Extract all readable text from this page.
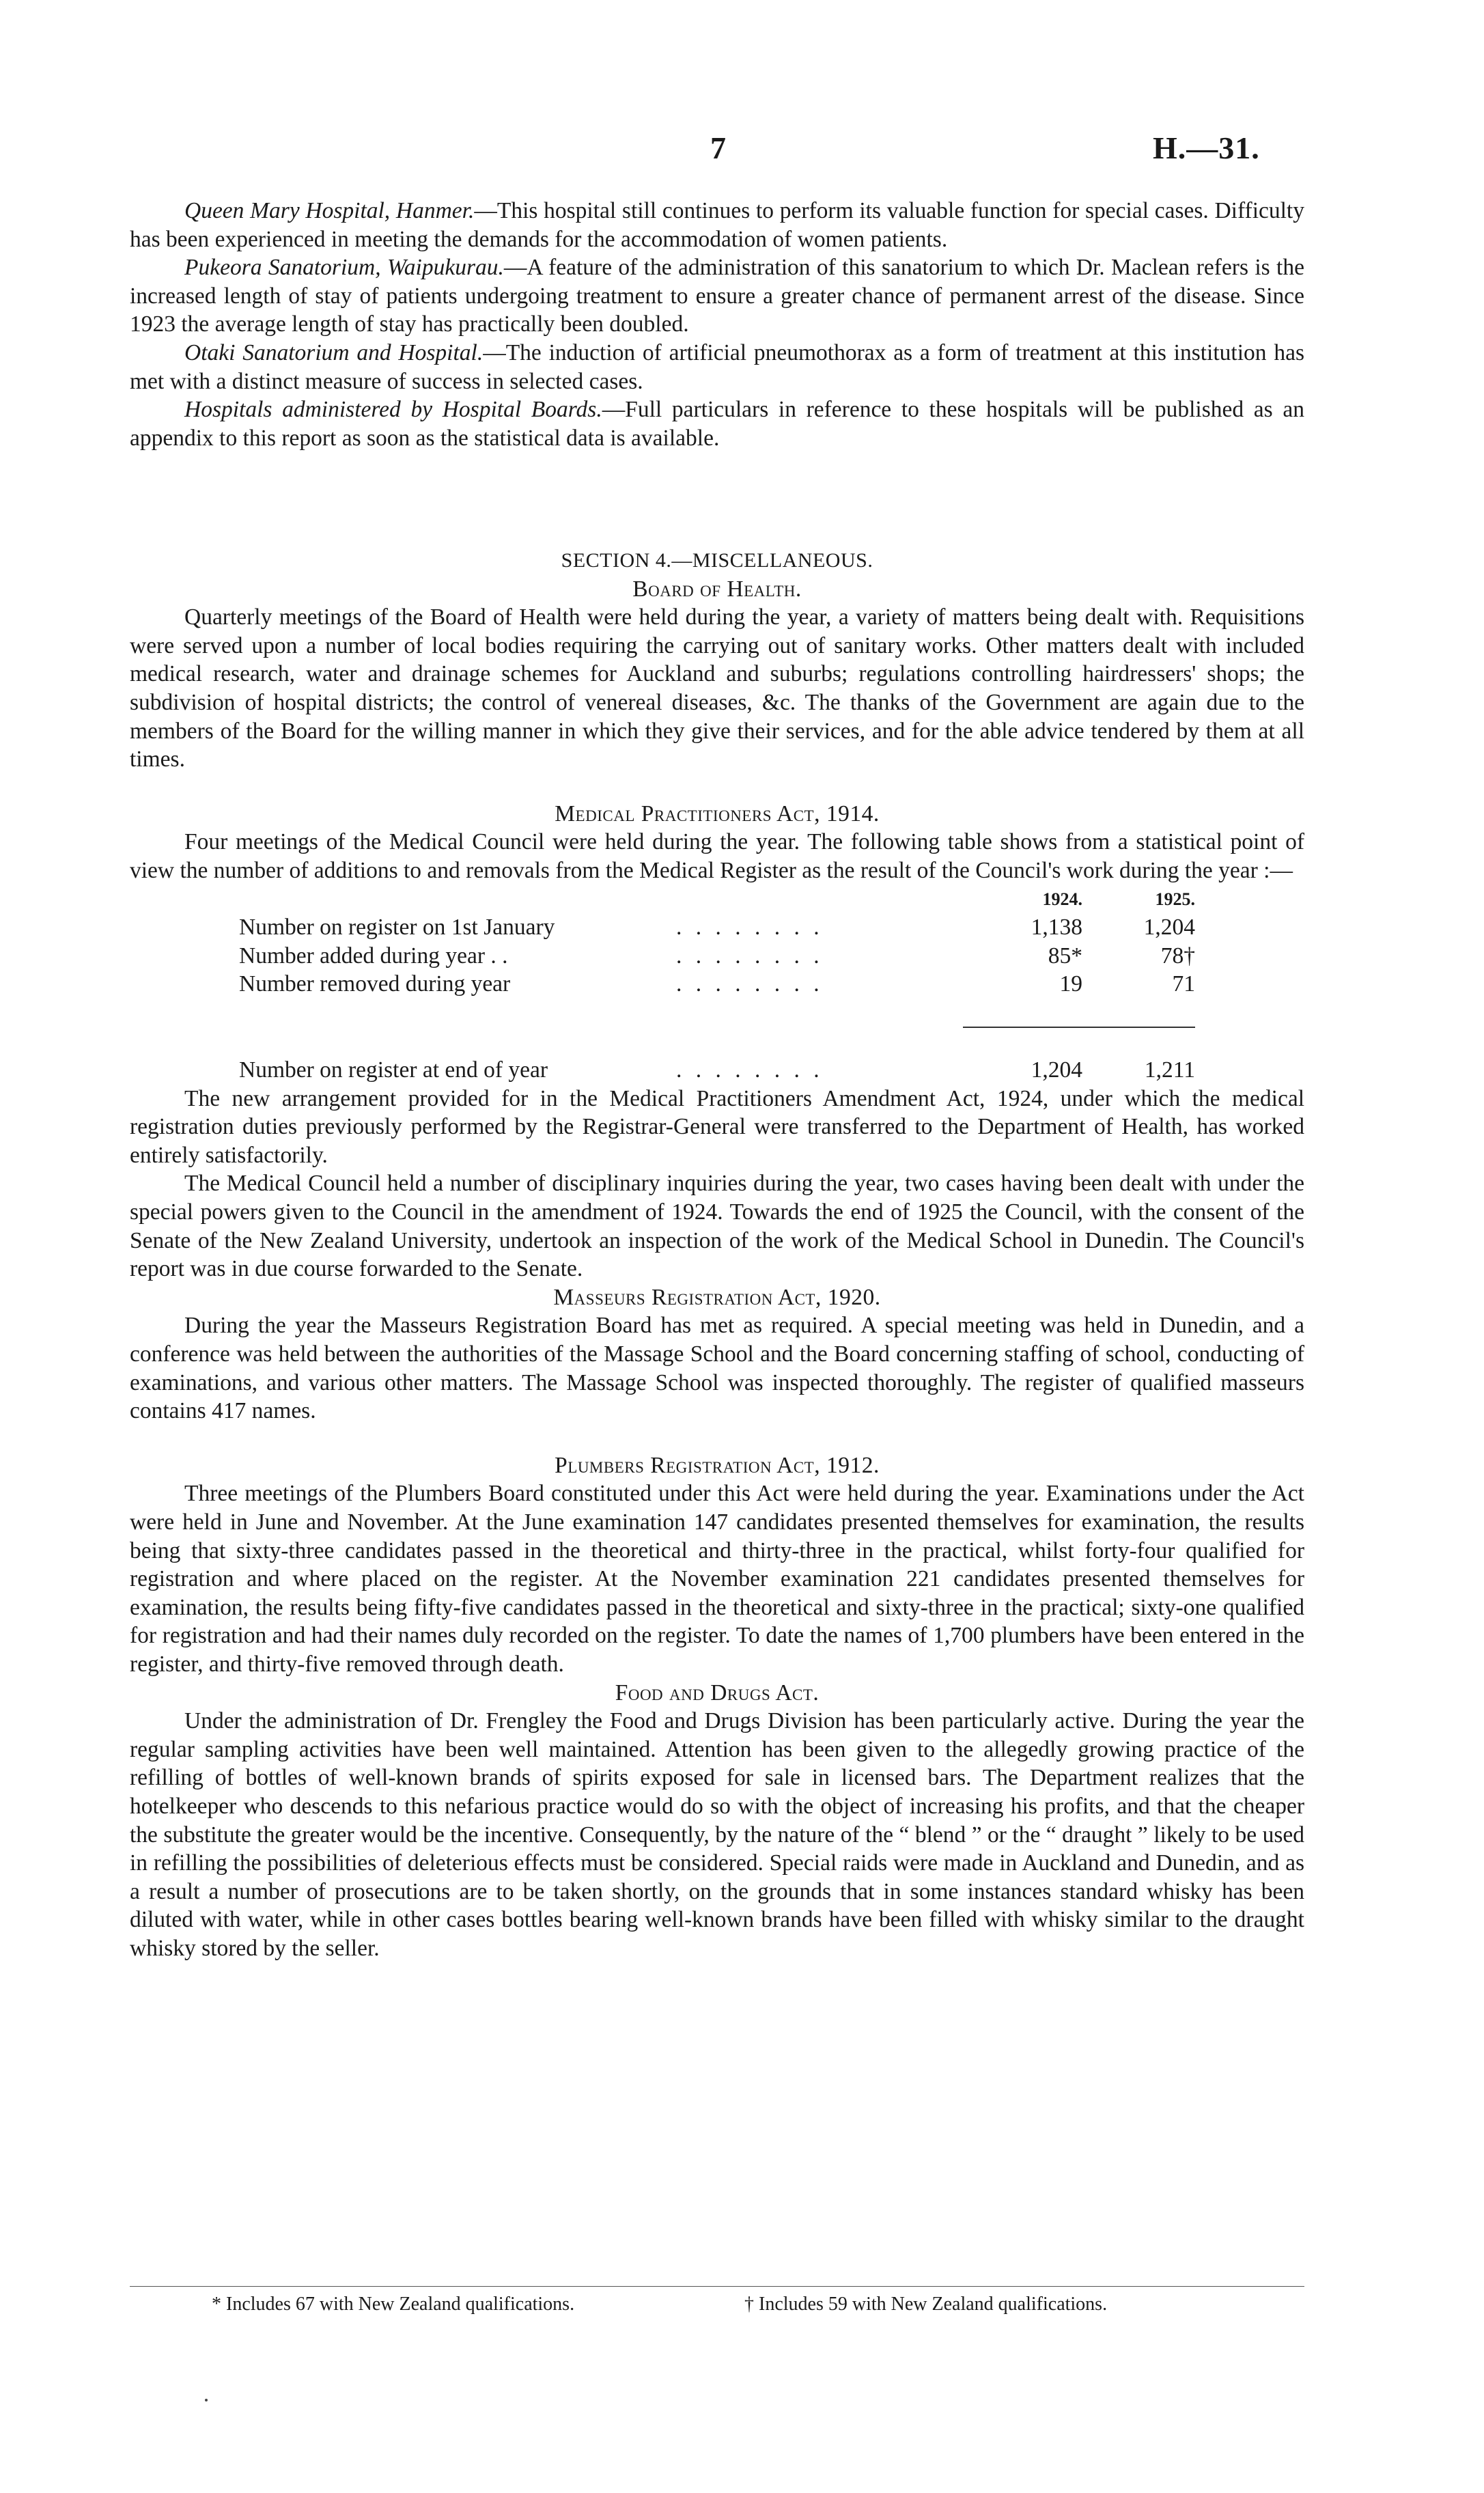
7	H.—31.

Queen Mary Hospital, Hanmer.—This hospital still continues to perform its valuable function for special cases. Difficulty has been experienced in meeting the demands for the accommodation of women patients.

Pukeora Sanatorium, Waipukurau.—A feature of the administration of this sanatorium to which Dr. Maclean refers is the increased length of stay of patients undergoing treatment to ensure a greater chance of permanent arrest of the disease. Since 1923 the average length of stay has practically been doubled.

Otaki Sanatorium and Hospital.—The induction of artificial pneumothorax as a form of treatment at this institution has met with a distinct measure of success in selected cases.

Hospitals administered by Hospital Boards.—Full particulars in reference to these hospitals will be published as an appendix to this report as soon as the statistical data is available.

SECTION 4.—MISCELLANEOUS.
Board of Health.

Quarterly meetings of the Board of Health were held during the year, a variety of matters being dealt with. Requisitions were served upon a number of local bodies requiring the carrying out of sanitary works. Other matters dealt with included medical research, water and drainage schemes for Auckland and suburbs; regulations controlling hairdressers' shops; the subdivision of hospital districts; the control of venereal diseases, &c. The thanks of the Government are again due to the members of the Board for the willing manner in which they give their services, and for the able advice tendered by them at all times.

Medical Practitioners Act, 1914.

Four meetings of the Medical Council were held during the year. The following table shows from a statistical point of view the number of additions to and removals from the Medical Register as the result of the Council's work during the year :—

		1924.	1925.
Number on register on 1st January	. . . . . . . .	1,138	1,204
Number added during year . .	. . . . . . . .	85*	78†
Number removed during year	. . . . . . . .	19	71

Number on register at end of year	. . . . . . . .	1,204	1,211

The new arrangement provided for in the Medical Practitioners Amendment Act, 1924, under which the medical registration duties previously performed by the Registrar-General were transferred to the Department of Health, has worked entirely satisfactorily.

The Medical Council held a number of disciplinary inquiries during the year, two cases having been dealt with under the special powers given to the Council in the amendment of 1924. Towards the end of 1925 the Council, with the consent of the Senate of the New Zealand University, undertook an inspection of the work of the Medical School in Dunedin. The Council's report was in due course forwarded to the Senate.

Masseurs Registration Act, 1920.

During the year the Masseurs Registration Board has met as required. A special meeting was held in Dunedin, and a conference was held between the authorities of the Massage School and the Board concerning staffing of school, conducting of examinations, and various other matters. The Massage School was inspected thoroughly. The register of qualified masseurs contains 417 names.

Plumbers Registration Act, 1912.

Three meetings of the Plumbers Board constituted under this Act were held during the year. Examinations under the Act were held in June and November. At the June examination 147 candidates presented themselves for examination, the results being that sixty-three candidates passed in the theoretical and thirty-three in the practical, whilst forty-four qualified for registration and where placed on the register. At the November examination 221 candidates presented themselves for examination, the results being fifty-five candidates passed in the theoretical and sixty-three in the practical; sixty-one qualified for registration and had their names duly recorded on the register. To date the names of 1,700 plumbers have been entered in the register, and thirty-five removed through death.

Food and Drugs Act.

Under the administration of Dr. Frengley the Food and Drugs Division has been particularly active. During the year the regular sampling activities have been well maintained. Attention has been given to the allegedly growing practice of the refilling of bottles of well-known brands of spirits exposed for sale in licensed bars. The Department realizes that the hotelkeeper who descends to this nefarious practice would do so with the object of increasing his profits, and that the cheaper the substitute the greater would be the incentive. Consequently, by the nature of the “ blend ” or the “ draught ” likely to be used in refilling the possibilities of deleterious effects must be considered. Special raids were made in Auckland and Dunedin, and as a result a number of prosecutions are to be taken shortly, on the grounds that in some instances standard whisky has been diluted with water, while in other cases bottles bearing well-known brands have been filled with whisky similar to the draught whisky stored by the seller.

* Includes 67 with New Zealand qualifications.	† Includes 59 with New Zealand qualifications.
